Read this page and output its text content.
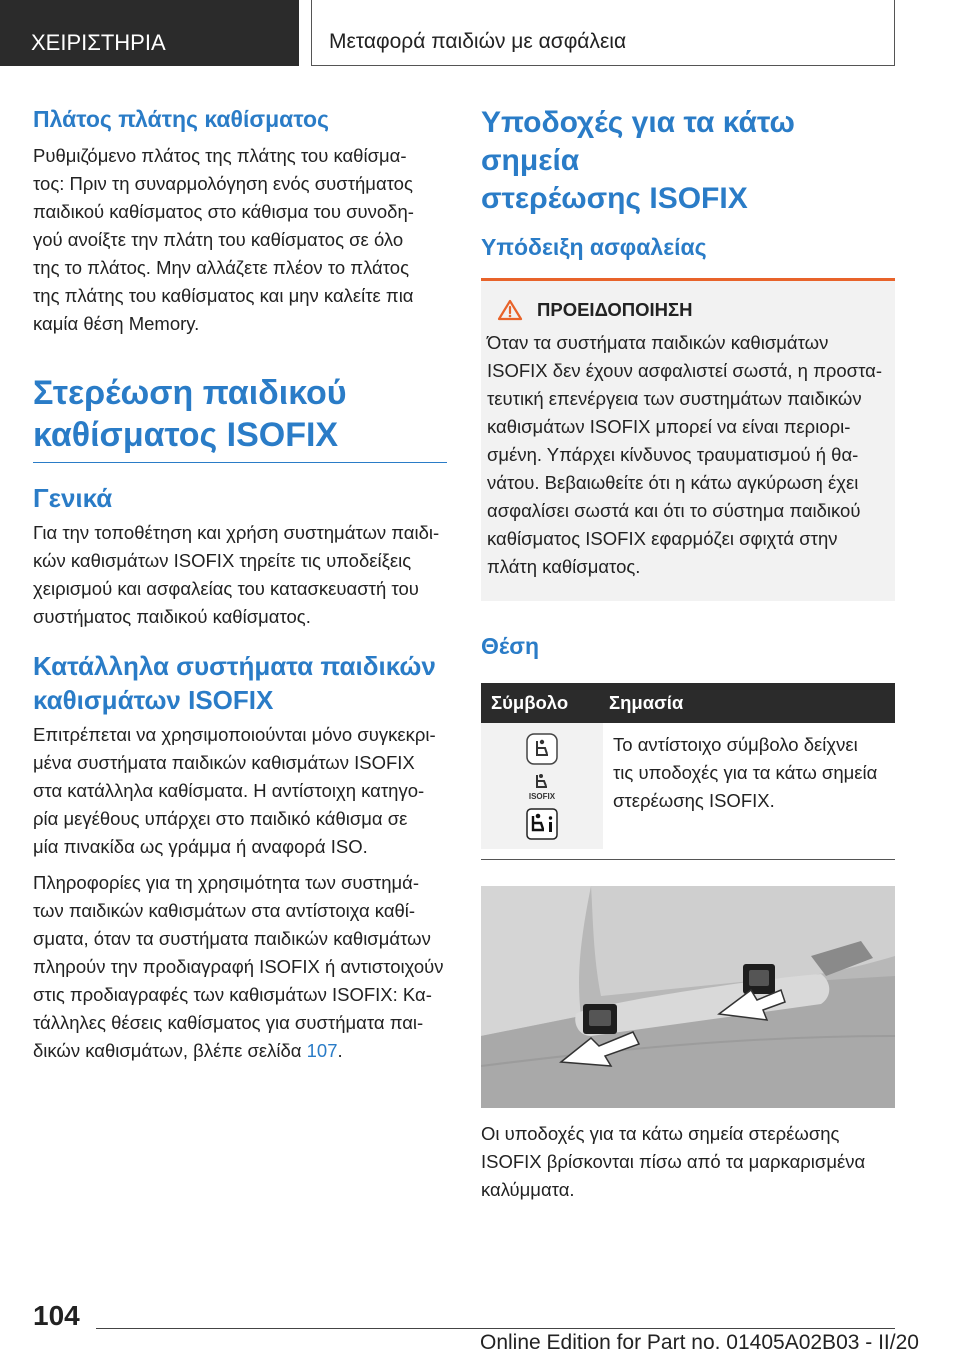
ΧΕΙΡΙΣΤΗΡΙΑ	Μεταφορά παιδιών με ασφάλεια
Πλάτος πλάτης καθίσματος
Ρυθμιζόμενο πλάτος της πλάτης του καθίσμα-
τος: Πριν τη συναρμολόγηση ενός συστήματος
παιδικού καθίσματος στο κάθισμα του συνοδη-
γού ανοίξτε την πλάτη του καθίσματος σε όλο
της το πλάτος. Μην αλλάζετε πλέον το πλάτος
της πλάτης του καθίσματος και μην καλείτε πια
καμία θέση Memory.
Στερέωση παιδικού
καθίσματος ISOFIX
Γενικά
Για την τοποθέτηση και χρήση συστημάτων παιδι-
κών καθισμάτων ISOFIX τηρείτε τις υποδείξεις
χειρισμού και ασφαλείας του κατασκευαστή του
συστήματος παιδικού καθίσματος.
Κατάλληλα συστήματα παιδικών
καθισμάτων ISOFIX
Επιτρέπεται να χρησιμοποιούνται μόνο συγκεκρι-
μένα συστήματα παιδικών καθισμάτων ISOFIX
στα κατάλληλα καθίσματα. Η αντίστοιχη κατηγο-
ρία μεγέθους υπάρχει στο παιδικό κάθισμα σε
μία πινακίδα ως γράμμα ή αναφορά ISO.
Πληροφορίες για τη χρησιμότητα των συστημά-
των παιδικών καθισμάτων στα αντίστοιχα καθί-
σματα, όταν τα συστήματα παιδικών καθισμάτων
πληρούν την προδιαγραφή ISOFIX ή αντιστοιχούν
στις προδιαγραφές των καθισμάτων ISOFIX: Κα-
τάλληλες θέσεις καθίσματος για συστήματα παι-
δικών καθισμάτων, βλέπε σελίδα 107.
Υποδοχές για τα κάτω σημεία
στερέωσης ISOFIX
Υπόδειξη ασφαλείας
ΠΡΟΕΙΔΟΠΟΙΗΣΗ
Όταν τα συστήματα παιδικών καθισμάτων
ISOFIX δεν έχουν ασφαλιστεί σωστά, η προστα-
τευτική επενέργεια των συστημάτων παιδικών
καθισμάτων ISOFIX μπορεί να είναι περιορι-
σμένη. Υπάρχει κίνδυνος τραυματισμού ή θα-
νάτου. Βεβαιωθείτε ότι η κάτω αγκύρωση έχει
ασφαλίσει σωστά και ότι το σύστημα παιδικού
καθίσματος ISOFIX εφαρμόζει σφιχτά στην
πλάτη καθίσματος.
Θέση
Σύμβολο	Σημασία
ISOFIX
Το αντίστοιχο σύμβολο δείχνει
τις υποδοχές για τα κάτω σημεία
στερέωσης ISOFIX.
Οι υποδοχές για τα κάτω σημεία στερέωσης
ISOFIX βρίσκονται πίσω από τα μαρκαρισμένα
καλύμματα.
104
Online Edition for Part no. 01405A02B03 - II/20
